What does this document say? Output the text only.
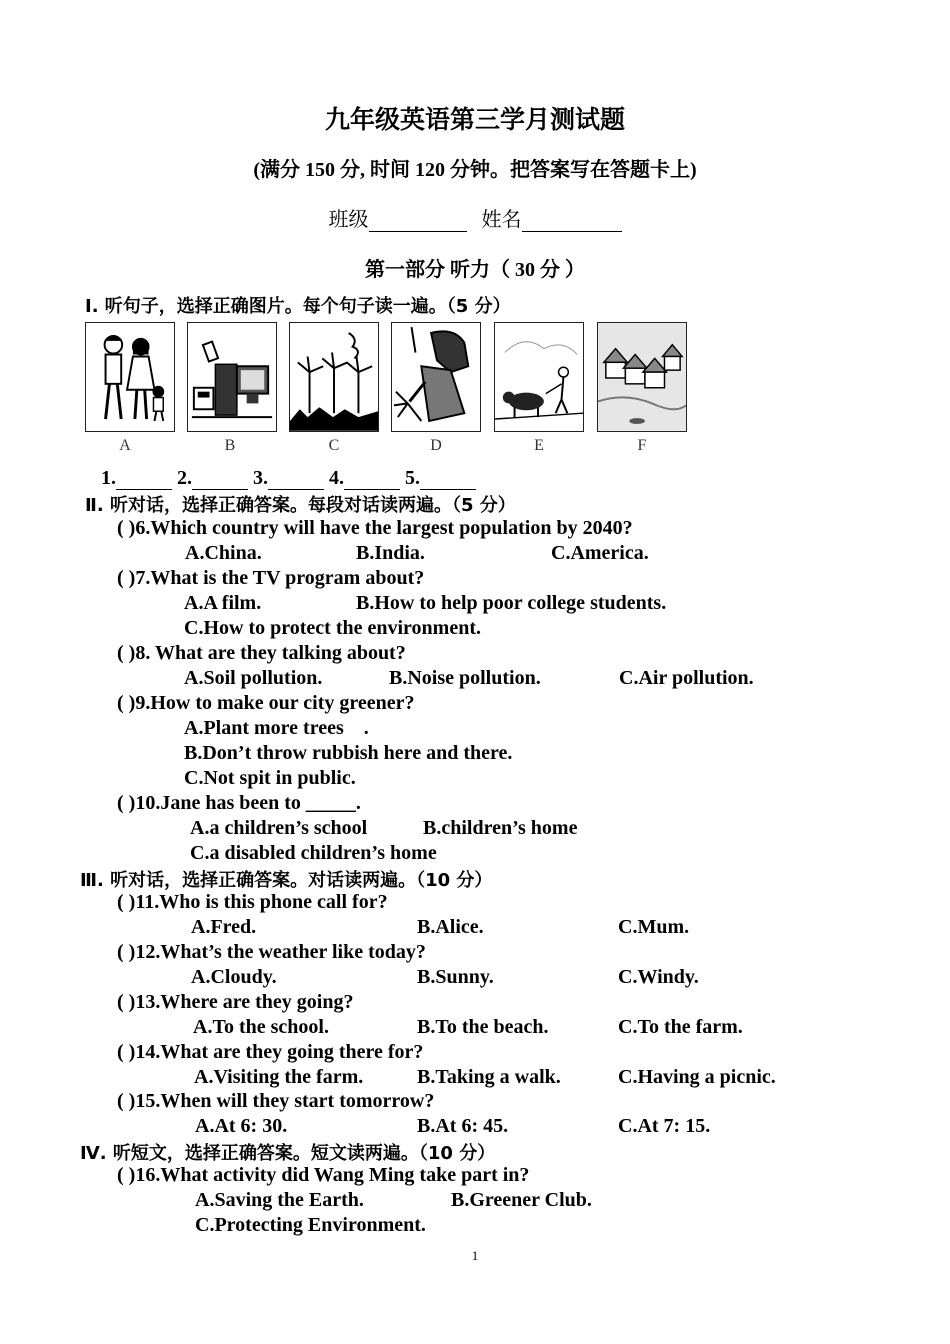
九年级英语第三学月测试题
(满分 150 分, 时间 120 分钟。把答案写在答题卡上)
班级	姓名
第一部分 听力（ 30 分 ）
Ⅰ. 听句子，选择正确图片。每个句子读一遍。（5 分）
A	B	C	D	E	F
1.	2.	3.	4.	5.
Ⅱ. 听对话，选择正确答案。每段对话读两遍。（5 分）
( )6.Which country will have the largest population by 2040?
A.China.	B.India.	C.America.
( )7.What is the TV program about?
A.A film.	B.How to help poor college students.
C.How to protect the environment.
( )8. What are they talking about?
A.Soil pollution.	B.Noise pollution.	C.Air pollution.
( )9.How to make our city greener?
A.Plant more trees    .
B.Don’t throw rubbish here and there.
C.Not spit in public.
( )10.Jane has been to _____.
A.a children’s school	B.children’s home
C.a disabled children’s home
Ⅲ. 听对话，选择正确答案。对话读两遍。（10 分）
( )11.Who is this phone call for?
A.Fred.	B.Alice.	C.Mum.
( )12.What’s the weather like today?
A.Cloudy.	B.Sunny.	C.Windy.
( )13.Where are they going?
A.To the school.	B.To the beach.	C.To the farm.
( )14.What are they going there for?
A.Visiting the farm.	B.Taking a walk.	C.Having a picnic.
( )15.When will they start tomorrow?
A.At 6: 30.	B.At 6: 45.	C.At 7: 15.
Ⅳ. 听短文，选择正确答案。短文读两遍。（10 分）
( )16.What activity did Wang Ming take part in?
A.Saving the Earth.	B.Greener Club.
C.Protecting Environment.
1
